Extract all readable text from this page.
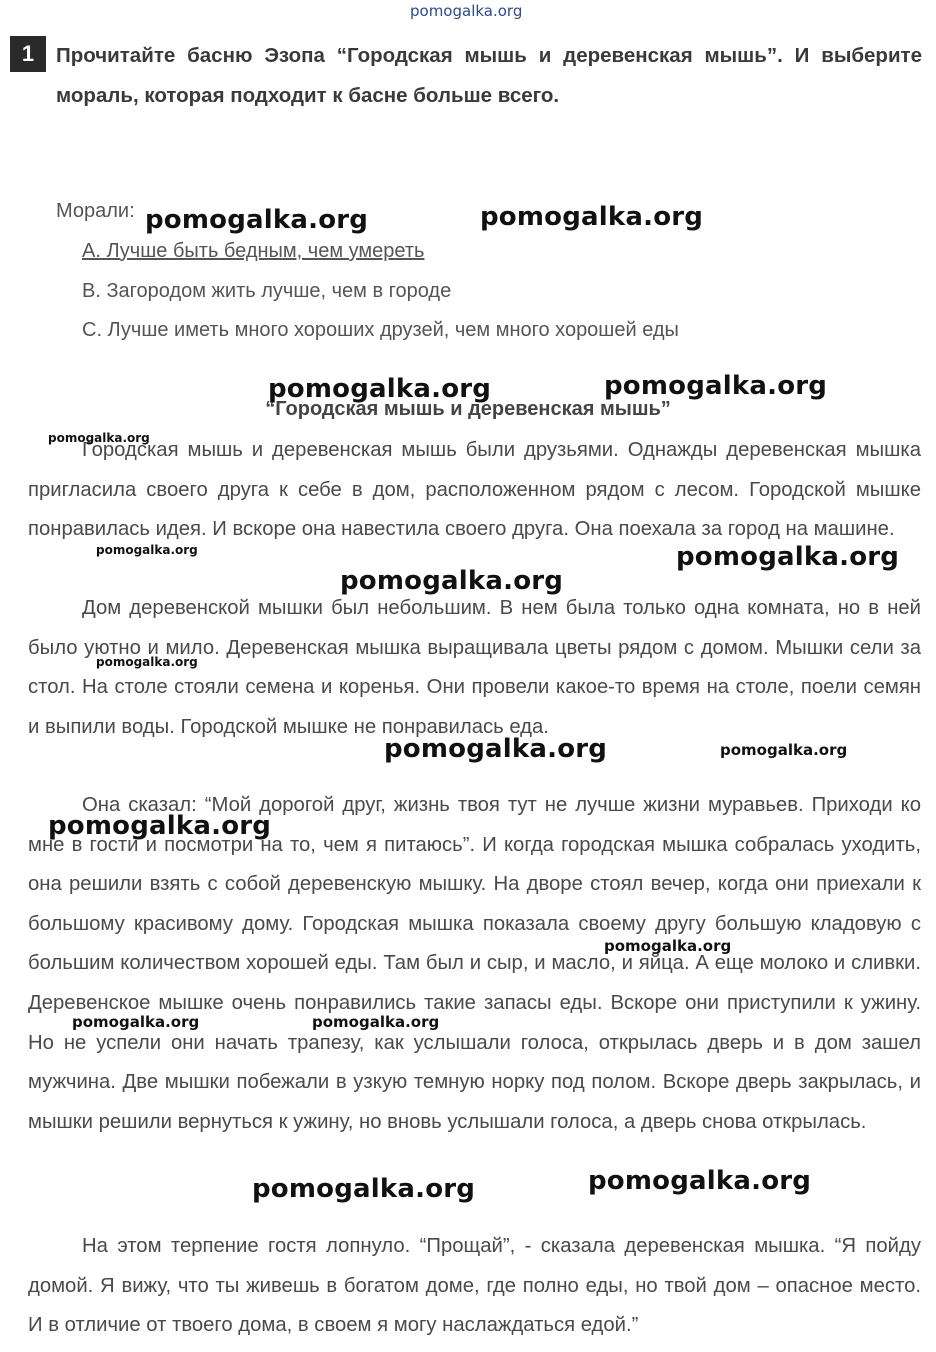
pomogalka.org
1	Прочитайте басню Эзопа “Городская мышь и деревенская мышь”. И выберите мораль, которая подходит к басне больше всего.
Морали:
A. Лучше быть бедным, чем умереть
B. Загородом жить лучше, чем в городе
C. Лучше иметь много хороших друзей, чем много хорошей еды
“Городская мышь и деревенская мышь”

Городская мышь и деревенская мышь были друзьями. Однажды деревенская мышка пригласила своего друга к себе в дом, расположенном рядом с лесом. Городской мышке понравилась идея. И вскоре она навестила своего друга. Она поехала за город на машине.

Дом деревенской мышки был небольшим. В нем была только одна комната, но в ней было уютно и мило. Деревенская мышка выращивала цветы рядом с домом. Мышки сели за стол. На столе стояли семена и коренья. Они провели какое-то время на столе, поели семян и выпили воды. Городской мышке не понравилась еда.

Она сказал: “Мой дорогой друг, жизнь твоя тут не лучше жизни муравьев. Приходи ко мне в гости и посмотри на то, чем я питаюсь”. И когда городская мышка собралась уходить, она решили взять с собой деревенскую мышку. На дворе стоял вечер, когда они приехали к большому красивому дому. Городская мышка показала своему другу большую кладовую с большим количеством хорошей еды. Там был и сыр, и масло, и яйца. А еще молоко и сливки. Деревенское мышке очень понравились такие запасы еды. Вскоре они приступили к ужину. Но не успели они начать трапезу, как услышали голоса, открылась дверь и в дом зашел мужчина. Две мышки побежали в узкую темную норку под полом. Вскоре дверь закрылась, и мышки решили вернуться к ужину, но вновь услышали голоса, а дверь снова открылась.

На этом терпение гостя лопнуло. “Прощай”, - сказала деревенская мышка. “Я пойду домой. Я вижу, что ты живешь в богатом доме, где полно еды, но твой дом – опасное место. И в отличие от твоего дома, в своем я могу наслаждаться едой.”

pomogalka.org	pomogalka.org
pomogalka.org	pomogalka.org
pomogalka.org
pomogalka.org	pomogalka.org
pomogalka.org
pomogalka.org
pomogalka.org	pomogalka.org
pomogalka.org
pomogalka.org
pomogalka.org	pomogalka.org
pomogalka.org	pomogalka.org
